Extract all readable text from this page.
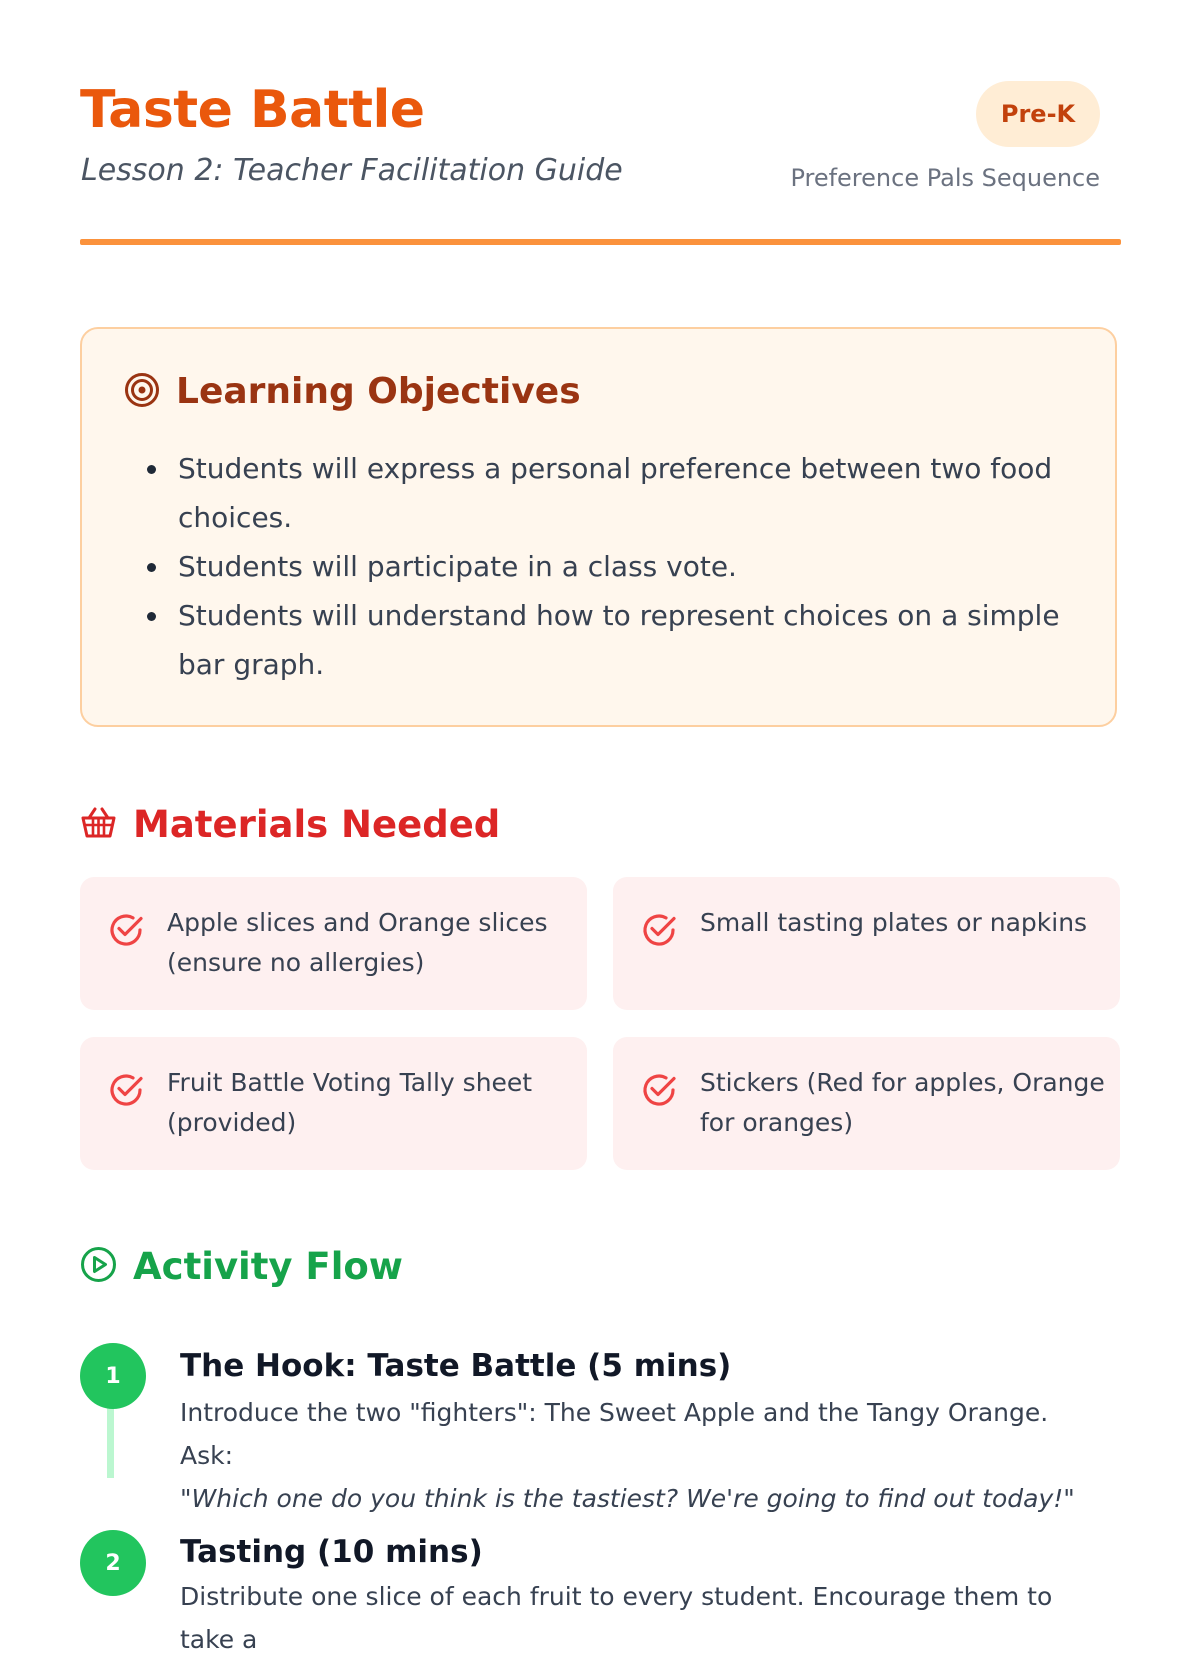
Taste Battle

Lesson 2: Teacher Facilitation Guide

Pre-K
Preference Pals Sequence
Learning Objectives
Students will express a personal preference between two food choices.
Students will participate in a class vote.
Students will understand how to represent choices on a simple bar graph.
Materials Needed
Apple slices and Orange slices (ensure no allergies)
Small tasting plates or napkins
Fruit Battle Voting Tally sheet (provided)
Stickers (Red for apples, Orange for oranges)
Activity Flow
1	The Hook: Taste Battle (5 mins)

Introduce the two "fighters": The Sweet Apple and the Tangy Orange. Ask:
"Which one do you think is the tastiest? We're going to find out today!"

2	Tasting (10 mins)

Distribute one slice of each fruit to every student. Encourage them to take a
